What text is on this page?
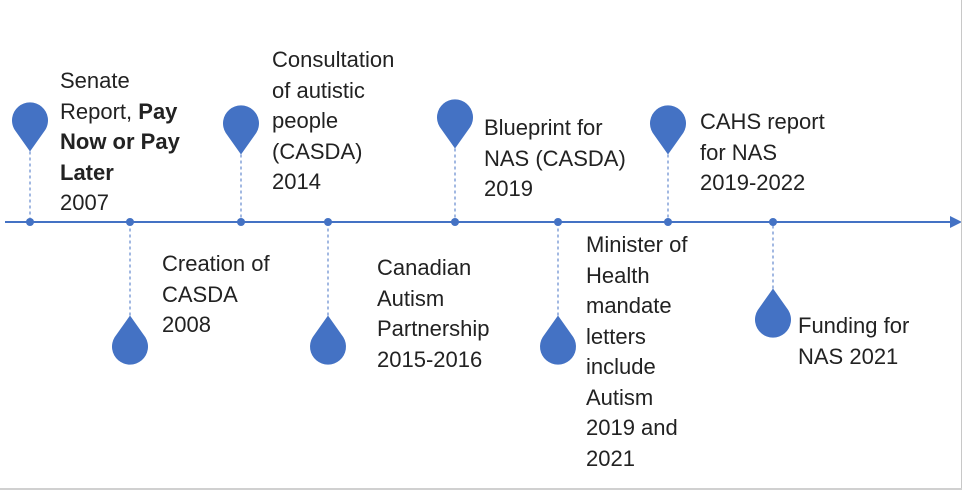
Senate
Report, Pay
Now or Pay
Later
2007
Creation of
CASDA
2008
Consultation
of autistic
people
(CASDA)
2014
Canadian
Autism
Partnership
2015-2016
Blueprint for
NAS (CASDA)
2019
Minister of
Health
mandate
letters
include
Autism
2019 and
2021
CAHS report
for NAS
2019-2022
Funding for
NAS 2021
